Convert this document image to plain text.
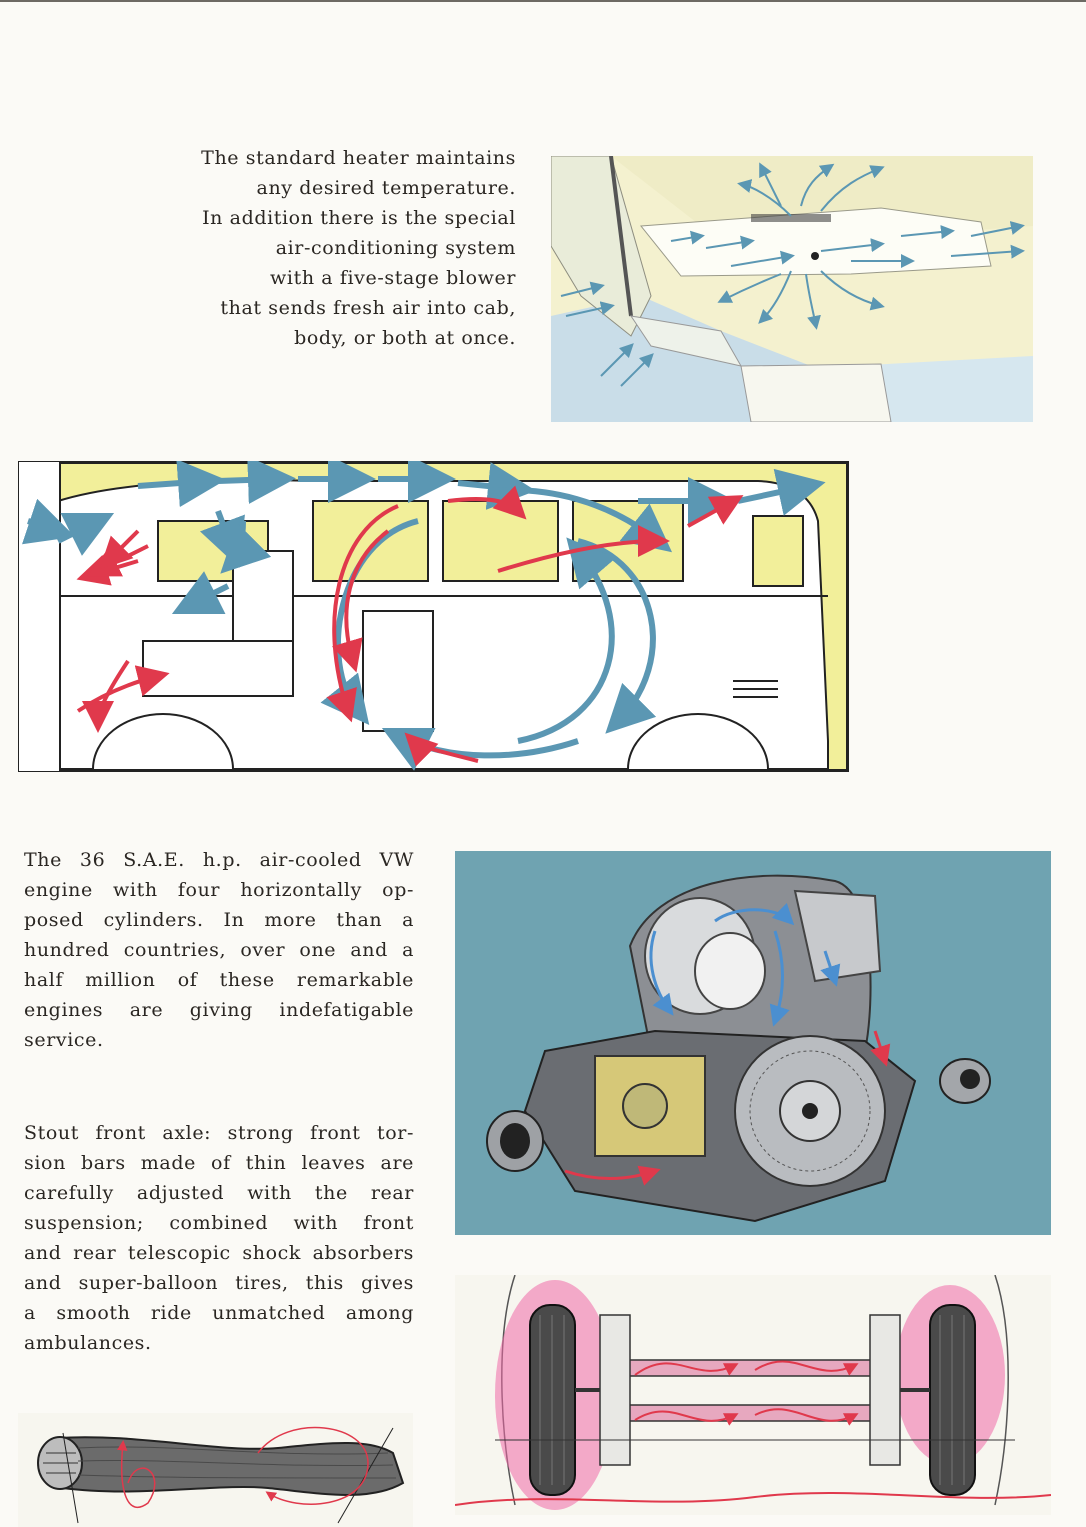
The standard heater maintains
any desired temperature.
In addition there is the special
air-conditioning system
with a five-stage blower
that sends fresh air into cab,
body, or both at once.
The 36 S.A.E. h.p. air-cooled VW
engine with four horizontally op-
posed cylinders. In more than a
hundred countries, over one and a
half million of these remarkable
engines are giving indefatigable
service.
Stout front axle: strong front tor-
sion bars made of thin leaves are
carefully adjusted with the rear
suspension; combined with front
and rear telescopic shock absorbers
and super-balloon tires, this gives
a smooth ride unmatched among
ambulances.
